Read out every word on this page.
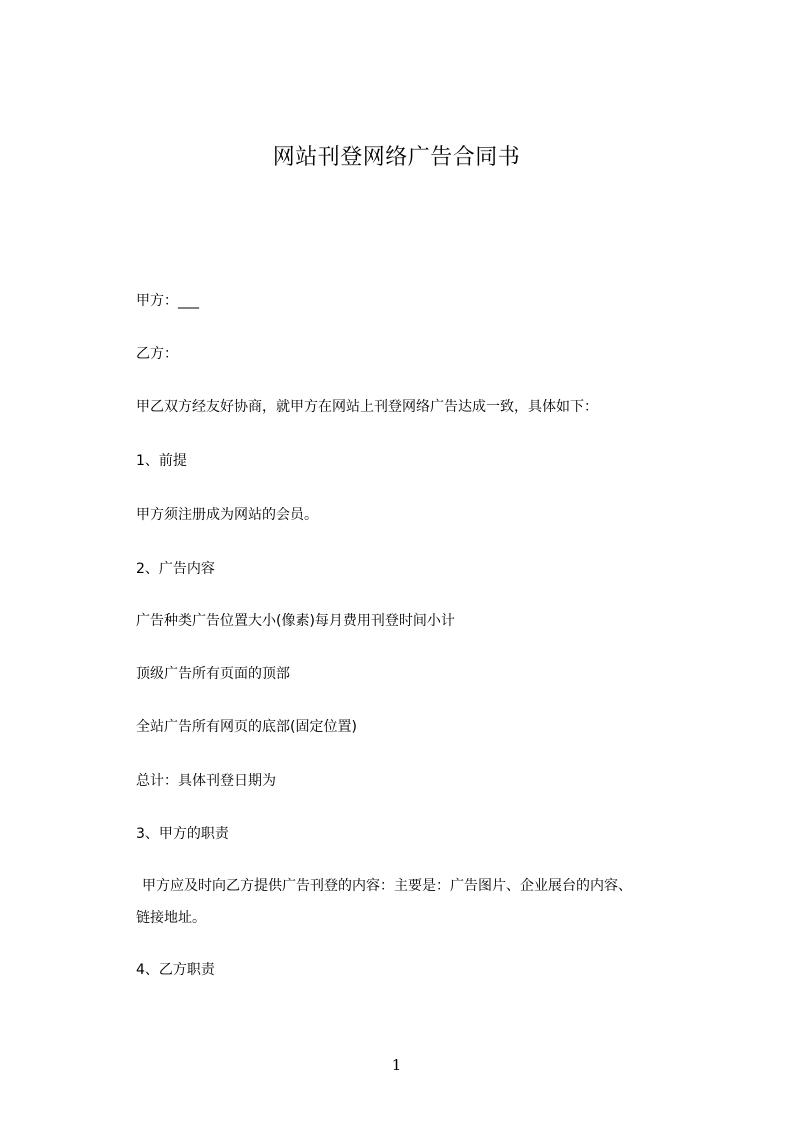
网站刊登网络广告合同书
甲方：___
乙方：
甲乙双方经友好协商，就甲方在网站上刊登网络广告达成一致，具体如下：
1、前提
甲方须注册成为网站的会员。
2、广告内容
广告种类广告位置大小(像素)每月费用刊登时间小计
顶级广告所有页面的顶部
全站广告所有网页的底部(固定位置)
总计：具体刊登日期为
3、甲方的职责
甲方应及时向乙方提供广告刊登的内容：主要是：广告图片、企业展台的内容、
链接地址。
4、乙方职责
1
